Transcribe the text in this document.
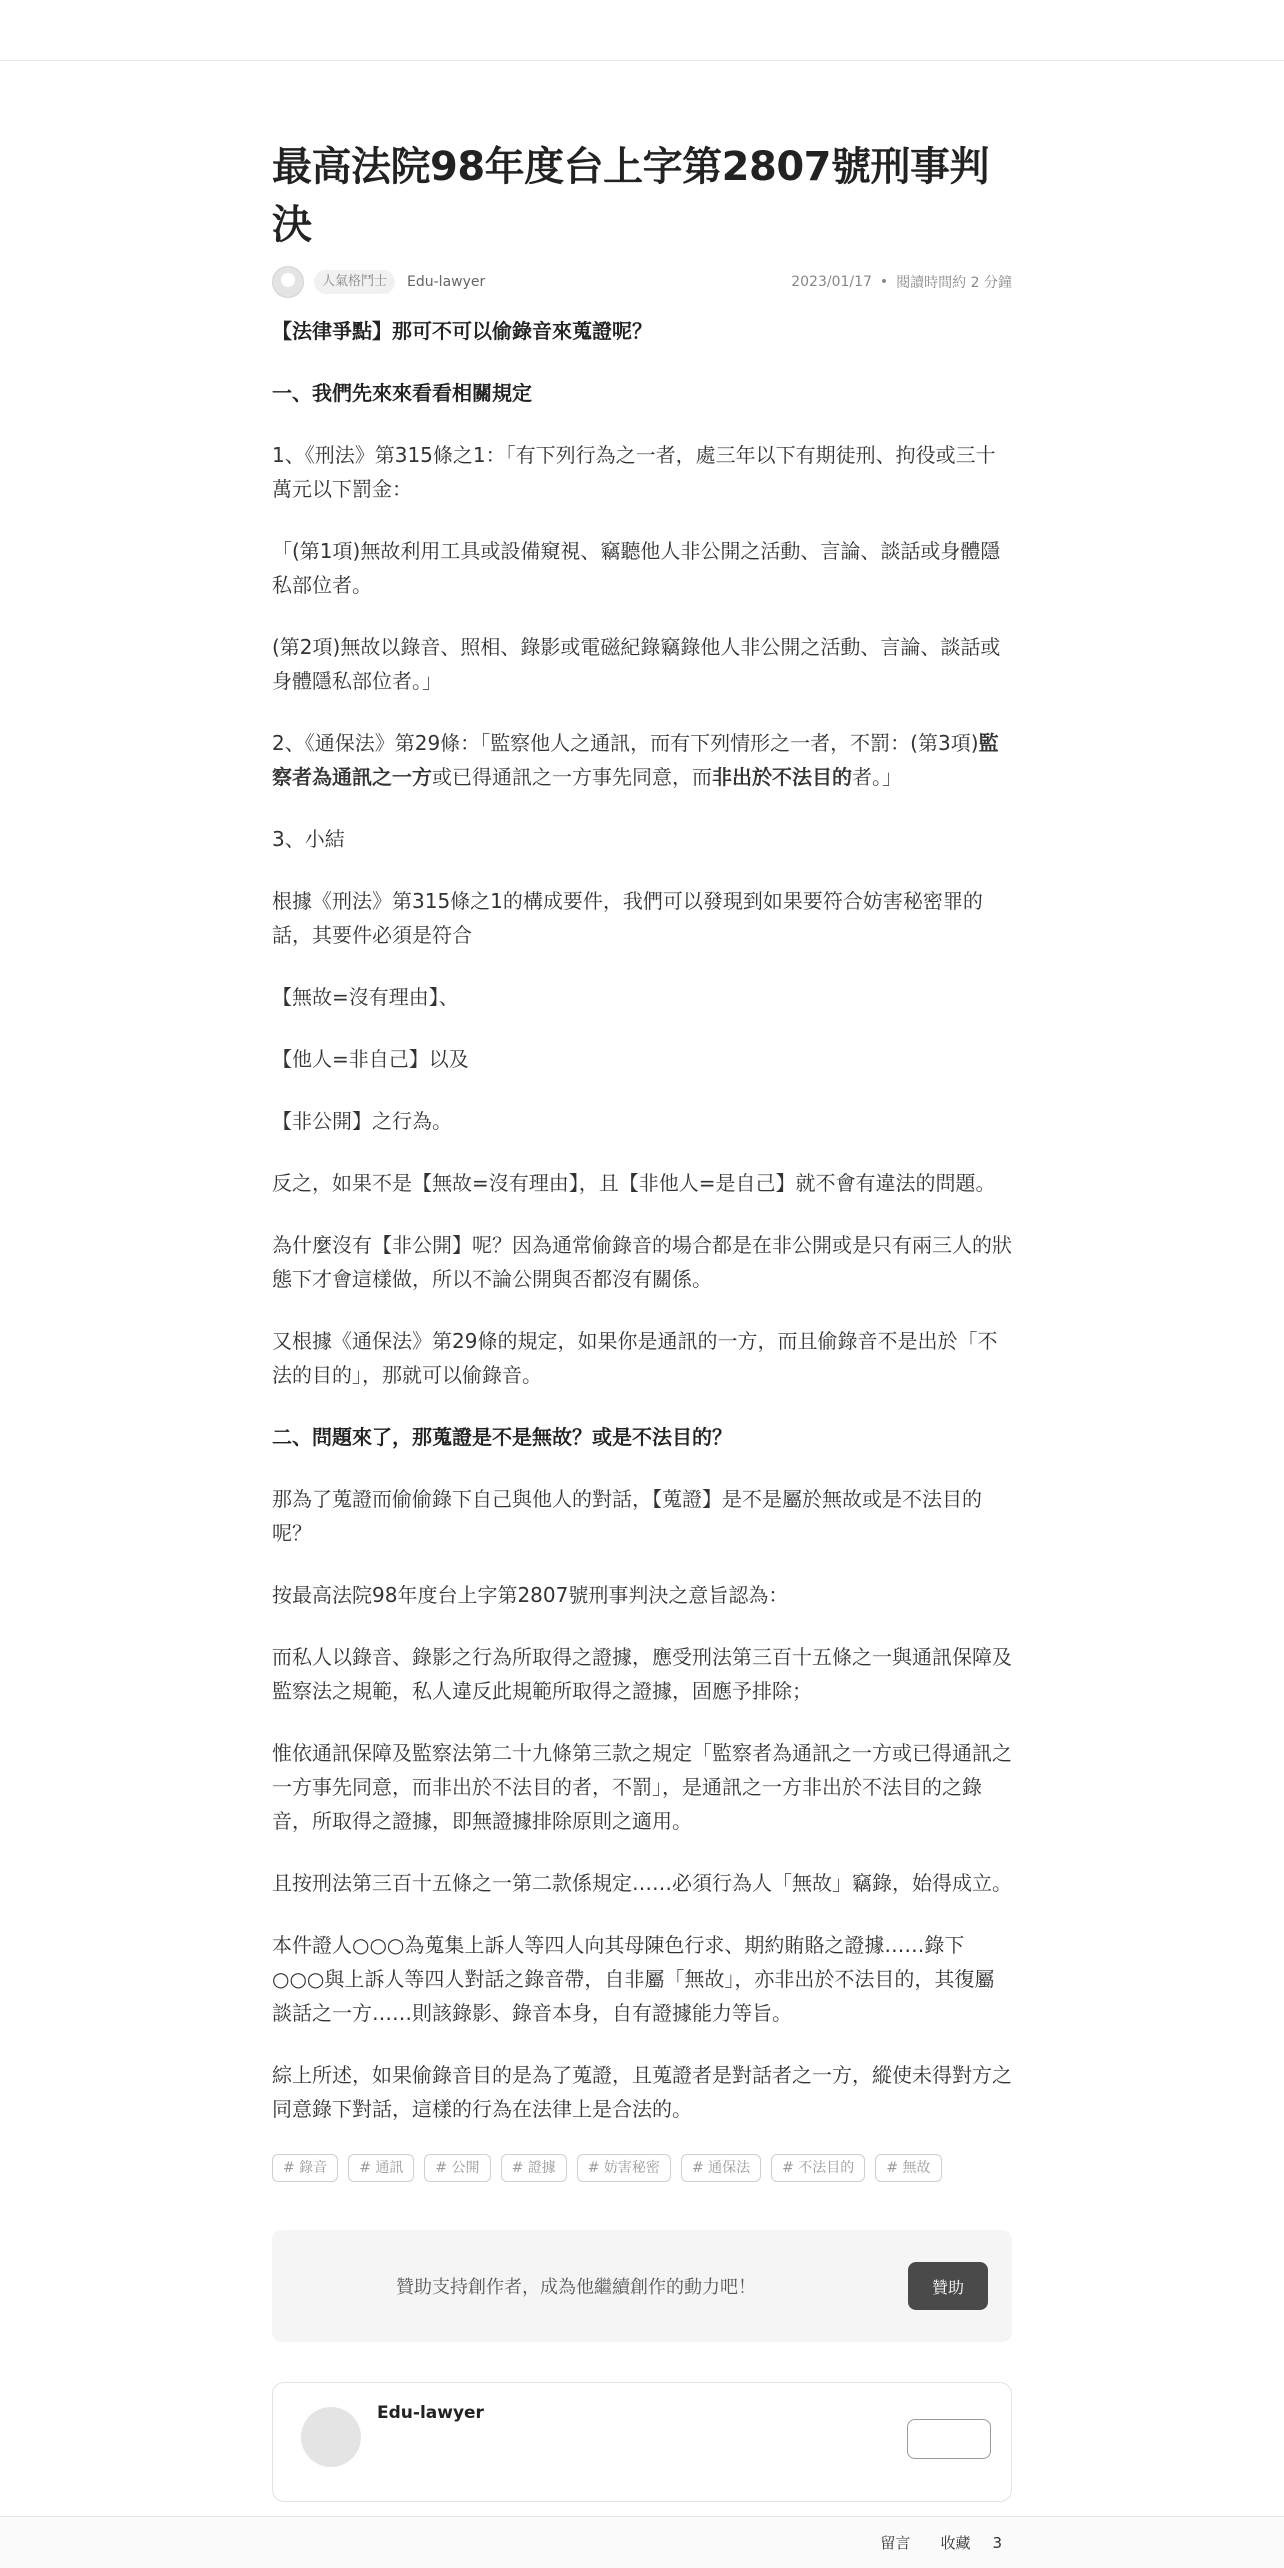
最高法院98年度台上字第2807號刑事判決
人氣格鬥士	Edu-lawyer	2023/01/17 • 閱讀時間約 2 分鐘

【法律爭點】那可不可以偷錄音來蒐證呢？

一、我們先來來看看相關規定

1、《刑法》第315條之1：「有下列行為之一者，處三年以下有期徒刑、拘役或三十萬元以下罰金：

「(第1項)無故利用工具或設備窺視、竊聽他人非公開之活動、言論、談話或身體隱私部位者。

(第2項)無故以錄音、照相、錄影或電磁紀錄竊錄他人非公開之活動、言論、談話或身體隱私部位者。」

2、《通保法》第29條：「監察他人之通訊，而有下列情形之一者，不罰：(第3項)監察者為通訊之一方或已得通訊之一方事先同意，而非出於不法目的者。」

3、小結

根據《刑法》第315條之1的構成要件，我們可以發現到如果要符合妨害秘密罪的話，其要件必須是符合

【無故=沒有理由】、

【他人=非自己】以及

【非公開】之行為。

反之，如果不是【無故=沒有理由】，且【非他人=是自己】就不會有違法的問題。

為什麼沒有【非公開】呢？因為通常偷錄音的場合都是在非公開或是只有兩三人的狀態下才會這樣做，所以不論公開與否都沒有關係。

又根據《通保法》第29條的規定，如果你是通訊的一方，而且偷錄音不是出於「不法的目的」，那就可以偷錄音。

二、問題來了，那蒐證是不是無故？或是不法目的？

那為了蒐證而偷偷錄下自己與他人的對話，【蒐證】是不是屬於無故或是不法目的呢？

按最高法院98年度台上字第2807號刑事判決之意旨認為：

而私人以錄音、錄影之行為所取得之證據，應受刑法第三百十五條之一與通訊保障及監察法之規範，私人違反此規範所取得之證據，固應予排除；

惟依通訊保障及監察法第二十九條第三款之規定「監察者為通訊之一方或已得通訊之一方事先同意，而非出於不法目的者，不罰」，是通訊之一方非出於不法目的之錄音，所取得之證據，即無證據排除原則之適用。

且按刑法第三百十五條之一第二款係規定……必須行為人「無故」竊錄，始得成立。

本件證人○○○為蒐集上訴人等四人向其母陳色行求、期約賄賂之證據……錄下○○○與上訴人等四人對話之錄音帶，自非屬「無故」，亦非出於不法目的，其復屬談話之一方……則該錄影、錄音本身，自有證據能力等旨。

綜上所述，如果偷錄音目的是為了蒐證，且蒐證者是對話者之一方，縱使未得對方之同意錄下對話，這樣的行為在法律上是合法的。

# 錄音	# 通訊	# 公開	# 證據	# 妨害秘密	# 通保法	# 不法目的	# 無故
贊助支持創作者，成為他繼續創作的動力吧！	贊助
Edu-lawyer
留言 收藏 3
